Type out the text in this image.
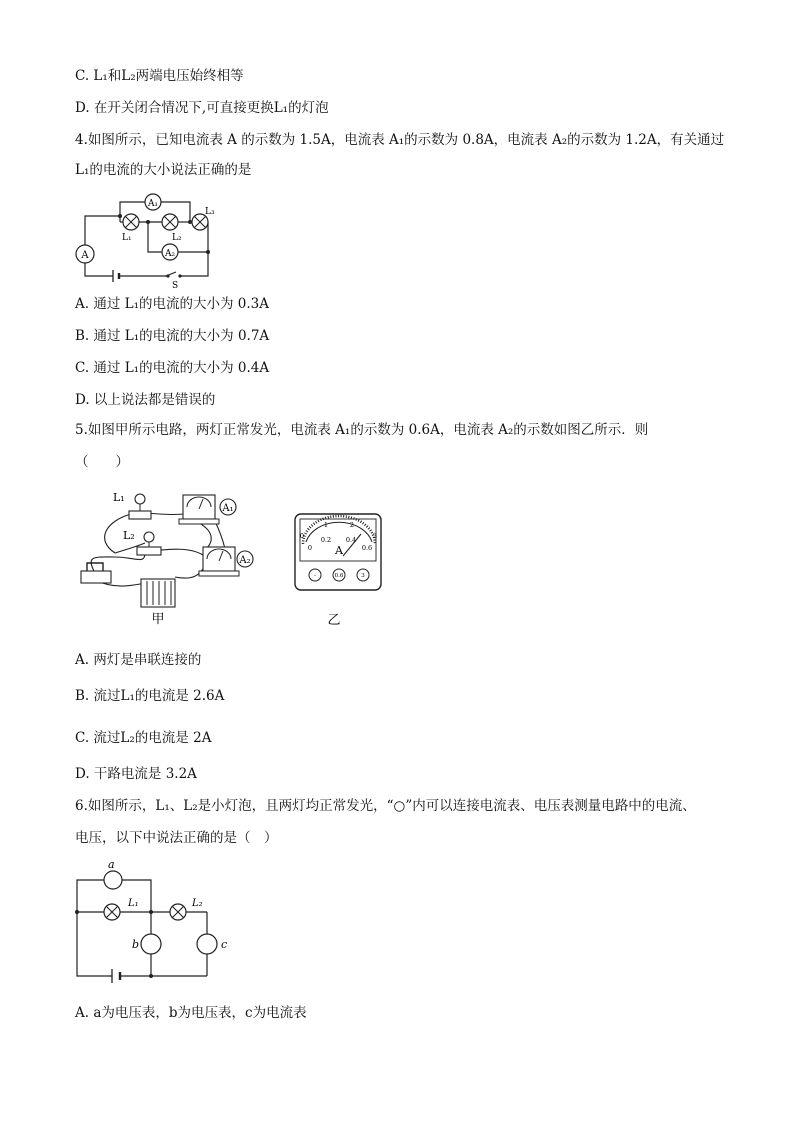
C. L₁和L₂两端电压始终相等
D. 在开关闭合情况下,可直接更换L₁的灯泡
4.如图所示，已知电流表 A 的示数为 1.5A，电流表 A₁的示数为 0.8A，电流表 A₂的示数为 1.2A，有关通过
L₁的电流的大小说法正确的是
A
A₁
A₂
L₁	L₂
L₃
S
A. 通过 L₁的电流的大小为 0.3A
B. 通过 L₁的电流的大小为 0.7A
C. 通过 L₁的电流的大小为 0.4A
D. 以上说法都是错误的
5.如图甲所示电路，两灯正常发光，电流表 A₁的示数为 0.6A，电流表 A₂的示数如图乙所示．则
（　　）
L₁
L₂
A₁
A₂
甲
0
1	2
3
0
0.2 0.4
0.6
A
-	0.6	3
乙
A. 两灯是串联连接的
B. 流过L₁的电流是 2.6A
C. 流过L₂的电流是 2A
D. 干路电流是 3.2A
6.如图所示，L₁、L₂是小灯泡，且两灯均正常发光，“○”内可以连接电流表、电压表测量电路中的电流、
电压，以下中说法正确的是（　）
a
L₁	L₂
b	c
A. a为电压表，b为电压表，c为电流表
